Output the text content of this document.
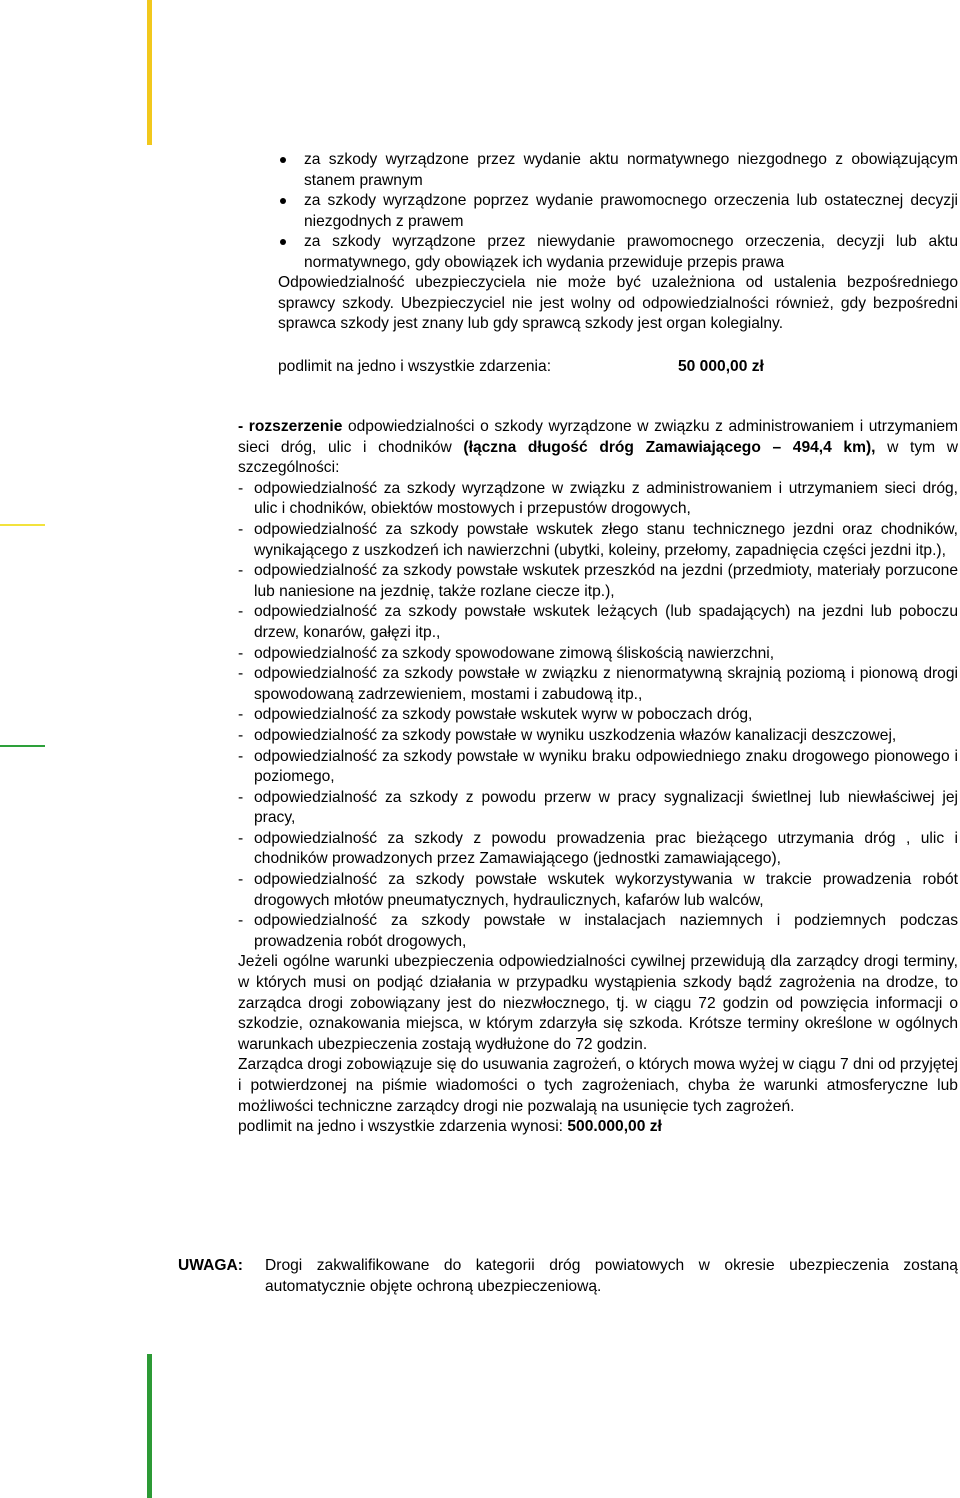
za szkody wyrządzone przez wydanie aktu normatywnego niezgodnego z obowiązującym stanem prawnym
za szkody wyrządzone poprzez wydanie prawomocnego orzeczenia lub ostatecznej decyzji niezgodnych z prawem
za szkody wyrządzone przez niewydanie prawomocnego orzeczenia, decyzji lub aktu normatywnego, gdy obowiązek ich wydania przewiduje przepis prawa
Odpowiedzialność ubezpieczyciela nie może być uzależniona od ustalenia bezpośredniego sprawcy szkody. Ubezpieczyciel nie jest wolny od odpowiedzialności również, gdy bezpośredni sprawca szkody jest znany lub gdy sprawcą szkody jest organ kolegialny.
podlimit na jedno i wszystkie zdarzenia:	50 000,00 zł
- rozszerzenie odpowiedzialności o szkody wyrządzone w związku z administrowaniem i utrzymaniem sieci dróg, ulic i chodników (łączna długość dróg Zamawiającego – 494,4 km), w tym w szczególności:
- odpowiedzialność za szkody wyrządzone w związku z administrowaniem i utrzymaniem sieci dróg, ulic i chodników, obiektów mostowych i przepustów drogowych,
- odpowiedzialność za szkody powstałe wskutek złego stanu technicznego jezdni oraz chodników, wynikającego z uszkodzeń ich nawierzchni (ubytki, koleiny, przełomy, zapadnięcia części jezdni itp.),
- odpowiedzialność za szkody powstałe wskutek przeszkód na jezdni (przedmioty, materiały porzucone lub naniesione na jezdnię, także rozlane ciecze itp.),
- odpowiedzialność za szkody powstałe wskutek leżących (lub spadających) na jezdni lub poboczu drzew, konarów, gałęzi itp.,
- odpowiedzialność za szkody spowodowane zimową śliskością nawierzchni,
- odpowiedzialność za szkody powstałe w związku z nienormatywną skrajnią poziomą i pionową drogi spowodowaną zadrzewieniem, mostami i zabudową itp.,
- odpowiedzialność za szkody powstałe wskutek wyrw w poboczach dróg,
- odpowiedzialność za szkody powstałe w wyniku uszkodzenia włazów kanalizacji deszczowej,
- odpowiedzialność za szkody powstałe w wyniku braku odpowiedniego znaku drogowego pionowego i poziomego,
- odpowiedzialność za szkody z powodu przerw w pracy sygnalizacji świetlnej lub niewłaściwej jej pracy,
- odpowiedzialność za szkody z powodu prowadzenia prac bieżącego utrzymania dróg , ulic i chodników prowadzonych przez Zamawiającego (jednostki zamawiającego),
- odpowiedzialność za szkody powstałe wskutek wykorzystywania w trakcie prowadzenia robót drogowych młotów pneumatycznych, hydraulicznych, kafarów lub walców,
- odpowiedzialność za szkody powstałe w instalacjach naziemnych i podziemnych podczas prowadzenia robót drogowych,
Jeżeli ogólne warunki ubezpieczenia odpowiedzialności cywilnej przewidują dla zarządcy drogi terminy, w których musi on podjąć działania w przypadku wystąpienia szkody bądź zagrożenia na drodze, to zarządca drogi zobowiązany jest do niezwłocznego, tj. w ciągu 72 godzin od powzięcia informacji o szkodzie, oznakowania miejsca, w którym zdarzyła się szkoda. Krótsze terminy określone w ogólnych warunkach ubezpieczenia zostają wydłużone do 72 godzin.
Zarządca drogi zobowiązuje się do usuwania zagrożeń, o których mowa wyżej w ciągu 7 dni od przyjętej i potwierdzonej na piśmie wiadomości o tych zagrożeniach, chyba że warunki atmosferyczne lub możliwości techniczne zarządcy drogi nie pozwalają na usunięcie tych zagrożeń.
podlimit na jedno i wszystkie zdarzenia wynosi: 500.000,00 zł
UWAGA: Drogi zakwalifikowane do kategorii dróg powiatowych w okresie ubezpieczenia zostaną automatycznie objęte ochroną ubezpieczeniową.
